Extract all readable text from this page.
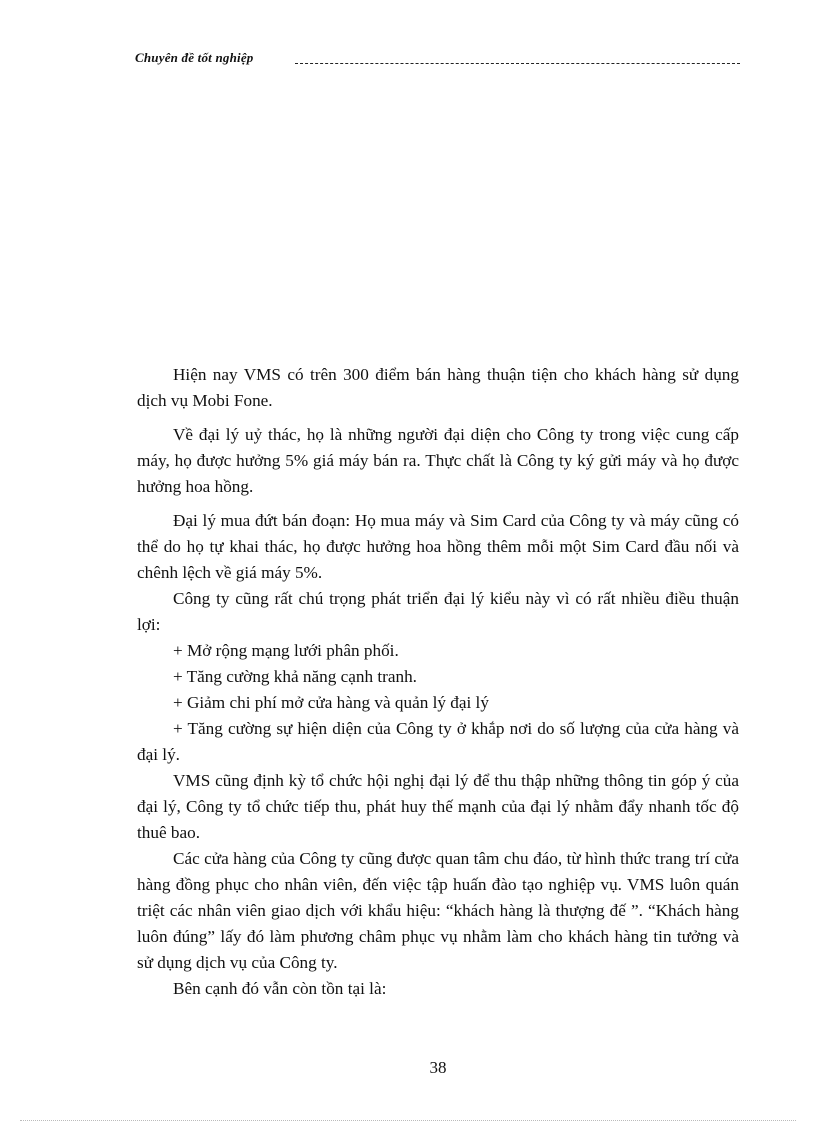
Chuyên đề tốt nghiệp

Hiện nay VMS có trên 300 điểm bán hàng thuận tiện cho khách hàng sử dụng dịch vụ Mobi Fone.

Về đại lý uỷ thác, họ là những người đại diện cho Công ty trong việc cung cấp máy, họ được hưởng 5% giá máy bán ra. Thực chất là Công ty ký gửi máy và họ được hưởng hoa hồng.

Đại lý mua đứt bán đoạn: Họ mua máy và Sim Card của Công ty và máy cũng có thể do họ tự khai thác, họ được hưởng hoa hồng thêm mỗi một Sim Card đầu nối và chênh lệch về giá máy 5%.

Công ty cũng rất chú trọng phát triển đại lý kiểu này vì có rất nhiều điều thuận lợi:

+ Mở rộng mạng lưới phân phối.

+ Tăng cường khả năng cạnh tranh.

+ Giảm chi phí mở cửa hàng và quản lý đại lý

+ Tăng cường sự hiện diện của Công ty ở khắp nơi do số lượng của cửa hàng và đại lý.

VMS cũng định kỳ tổ chức hội nghị đại lý để thu thập những thông tin góp ý của đại lý, Công ty tổ chức tiếp thu, phát huy thế mạnh của đại lý nhằm đẩy nhanh tốc độ thuê bao.

Các cửa hàng của Công ty cũng được quan tâm chu đáo, từ hình thức trang trí cửa hàng đồng phục cho nhân viên, đến việc tập huấn đào tạo nghiệp vụ. VMS luôn quán triệt các nhân viên giao dịch với khẩu hiệu: “khách hàng là thượng đế ”. “Khách hàng luôn đúng” lấy đó làm phương châm phục vụ nhằm làm cho khách hàng tin tưởng và sử dụng dịch vụ của Công ty.

Bên cạnh đó vẫn còn tồn tại là:

38
